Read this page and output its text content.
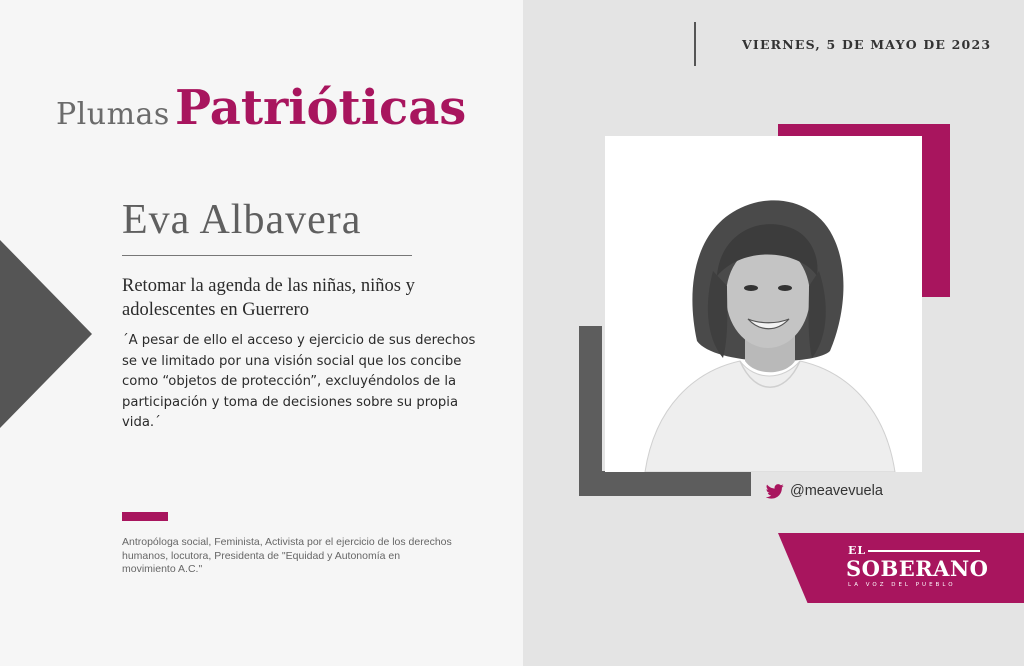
VIERNES, 5 DE MAYO DE 2023
Plumas Patrióticas
Eva Albavera
Retomar la agenda de las niñas, niños y adolescentes en Guerrero
´A pesar de ello el acceso y ejercicio de sus derechos se ve limitado por una visión social que los concibe como “objetos de protección”, excluyéndolos de la participación y toma de decisiones sobre su propia vida.´
Antropóloga social, Feminista, Activista por el ejercicio de los derechos humanos, locutora, Presidenta de "Equidad y Autonomía en movimiento A.C."
@meavevuela
EL
SOBERANO
LA VOZ DEL PUEBLO
